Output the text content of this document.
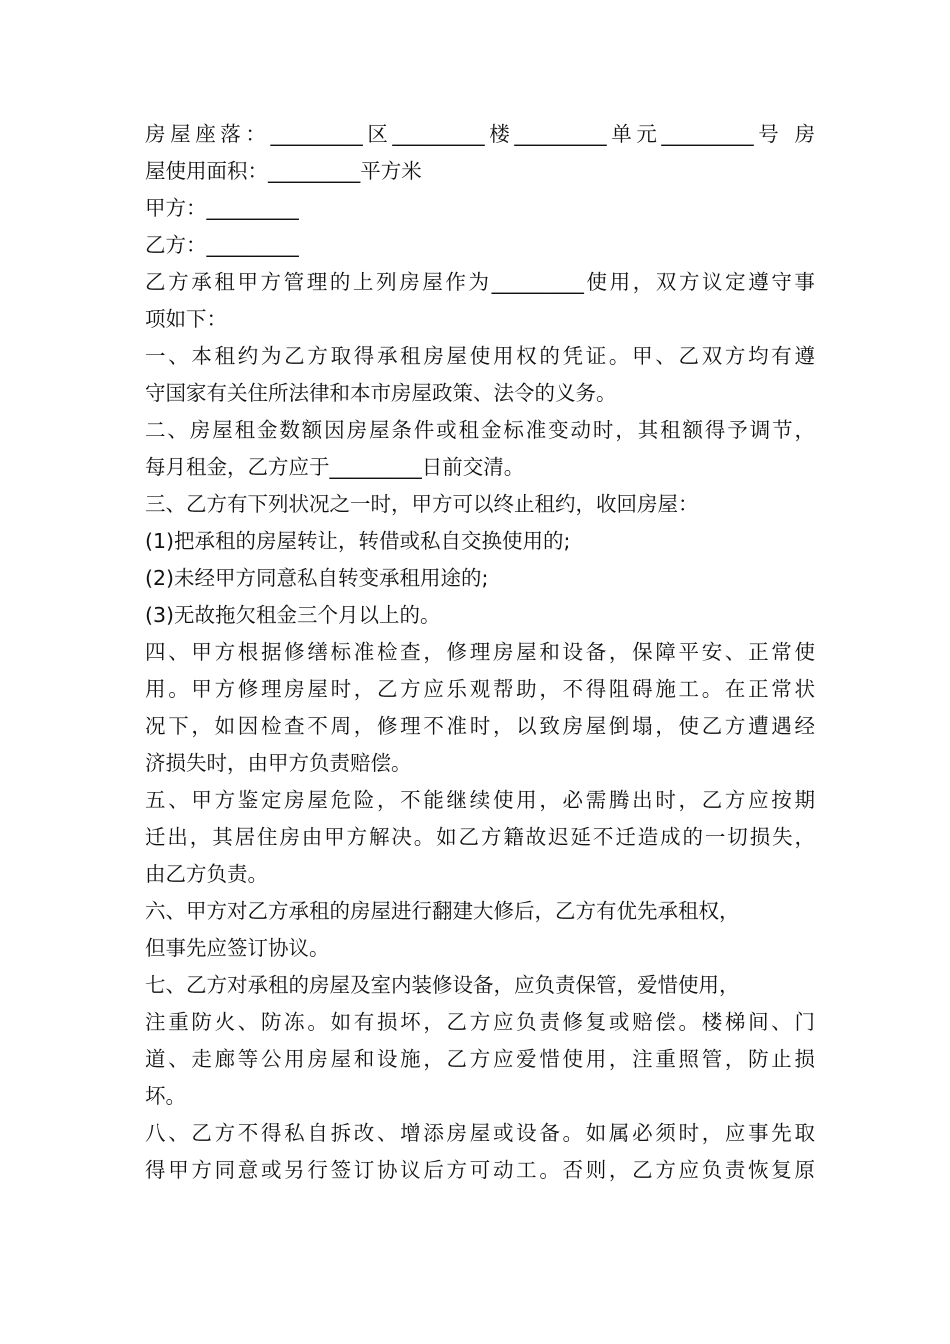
房屋座落：_________区_________楼_________单元_________号 房
屋使用面积：_________平方米
甲方：_________
乙方：_________
乙方承租甲方管理的上列房屋作为_________使用，双方议定遵守事
项如下：
一、本租约为乙方取得承租房屋使用权的凭证。甲、乙双方均有遵
守国家有关住所法律和本市房屋政策、法令的义务。
二、房屋租金数额因房屋条件或租金标准变动时，其租额得予调节，
每月租金，乙方应于_________日前交清。
三、乙方有下列状况之一时，甲方可以终止租约，收回房屋：
(1)把承租的房屋转让，转借或私自交换使用的;
(2)未经甲方同意私自转变承租用途的;
(3)无故拖欠租金三个月以上的。
四、甲方根据修缮标准检查，修理房屋和设备，保障平安、正常使
用。甲方修理房屋时，乙方应乐观帮助，不得阻碍施工。在正常状
况下，如因检查不周，修理不准时，以致房屋倒塌，使乙方遭遇经
济损失时，由甲方负责赔偿。
五、甲方鉴定房屋危险，不能继续使用，必需腾出时，乙方应按期
迁出，其居住房由甲方解决。如乙方籍故迟延不迁造成的一切损失，
由乙方负责。
六、甲方对乙方承租的房屋进行翻建大修后，乙方有优先承租权，
但事先应签订协议。
七、乙方对承租的房屋及室内装修设备，应负责保管，爱惜使用，
注重防火、防冻。如有损坏，乙方应负责修复或赔偿。楼梯间、门
道、走廊等公用房屋和设施，乙方应爱惜使用，注重照管，防止损
坏。
八、乙方不得私自拆改、增添房屋或设备。如属必须时，应事先取
得甲方同意或另行签订协议后方可动工。否则，乙方应负责恢复原
